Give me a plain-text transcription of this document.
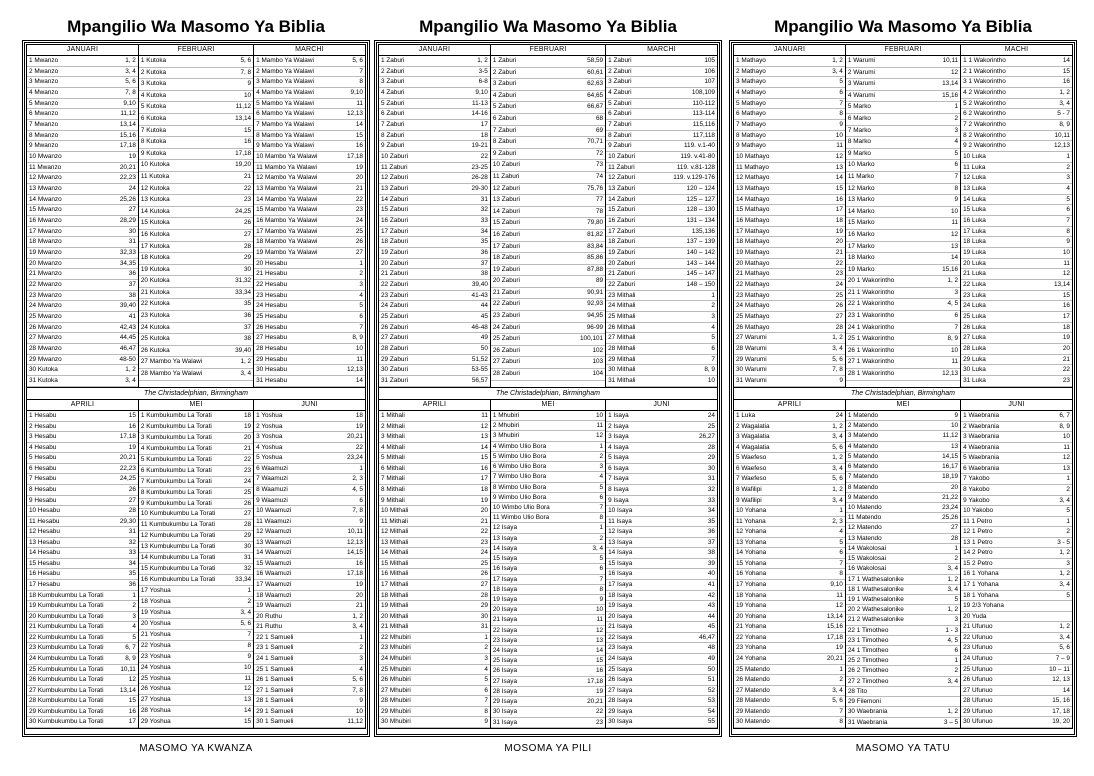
Mpangilio Wa Masomo Ya Biblia
JANUARI
1 Mwanzo	1, 2
2 Mwanzo	3, 4
3 Mwanzo	5, 6
4 Mwanzo	7, 8
5 Mwanzo	9,10
6 Mwanzo	11,12
7 Mwanzo	13,14
8 Mwanzo	15,16
9 Mwanzo	17,18
10 Mwanzo	19
11 Mwanzo	20,21
12 Mwanzo	22,23
13 Mwanzo	24
14 Mwanzo	25,26
15 Mwanzo	27
16 Mwanzo	28,29
17 Mwanzo	30
18 Mwanzo	31
19 Mwanzo	32,33
20 Mwanzo	34,35
21 Mwanzo	36
22 Mwanzo	37
23 Mwanzo	38
24 Mwanzo	39,40
25 Mwanzo	41
26 Mwanzo	42,43
27 Mwanzo	44,45
28 Mwanzo	46,47
29 Mwanzo	48-50
30 Kutoka	1, 2
31 Kutoka	3, 4
FEBRUARI
1 Kutoka	5, 6
2 Kutoka	7, 8
3 Kutoka	9
4 Kutoka	10
5 Kutoka	11,12
6 Kutoka	13,14
7 Kutoka	15
8 Kutoka	16
9 Kutoka	17,18
10 Kutoka	19,20
11 Kutoka	21
12 Kutoka	22
13 Kutoka	23
14 Kutoka	24,25
15 Kutoka	26
16 Kutoka	27
17 Kutoka	28
18 Kutoka	29
19 Kutoka	30
20 Kutoka	31,32
21 Kutoka	33,34
22 Kutoka	35
23 Kutoka	36
24 Kutoka	37
25 Kutoka	38
26 Kutoka	39,40
27 Mambo Ya Walawi	1, 2
28 Mambo Ya Walawi	3, 4
MARCHI
1 Mambo Ya Walawi	5, 6
2 Mambo Ya Walawi	7
3 Mambo Ya Walawi	8
4 Mambo Ya Walawi	9,10
5 Mambo Ya Walawi	11
6 Mambo Ya Walawi	12,13
7 Mambo Ya Walawi	14
8 Mambo Ya Walawi	15
9 Mambo Ya Walawi	16
10 Mambo Ya Walawi	17,18
11 Mambo Ya Walawi	19
12 Mambo Ya Walawi	20
13 Mambo Ya Walawi	21
14 Mambo Ya Walawi	22
15 Mambo Ya Walawi	23
16 Mambo Ya Walawi	24
17 Mambo Ya Walawi	25
18 Mambo Ya Walawi	26
19 Mambo Ya Walawi	27
20 Hesabu	1
21 Hesabu	2
22 Hesabu	3
23 Hesabu	4
24 Hesabu	5
25 Hesabu	6
26 Hesabu	7
27 Hesabu	8, 9
28 Hesabu	10
29 Hesabu	11
30 Hesabu	12,13
31 Hesabu	14
The Christadelphian, Birmingham
APRILI
1 Hesabu	15
2 Hesabu	16
3 Hesabu	17,18
4 Hesabu	19
5 Hesabu	20,21
6 Hesabu	22,23
7 Hesabu	24,25
8 Hesabu	26
9 Hesabu	27
10 Hesabu	28
11 Hesabu	29,30
12 Hesabu	31
13 Hesabu	32
14 Hesabu	33
15 Hesabu	34
16 Hesabu	35
17 Hesabu	36
18 Kumbukumbu La Torati	1
19 Kumbukumbu La Torati	2
20 Kumbukumbu La Torati	3
21 Kumbukumbu La Torati	4
22 Kumbukumbu La Torati	5
23 Kumbukumbu La Torati	6, 7
24 Kumbukumbu La Torati	8, 9
25 Kumbukumbu La Torati	10,11
26 Kumbukumbu La Torati	12
27 Kumbukumbu La Torati	13,14
28 Kumbukumbu La Torati	15
29 Kumbukumbu La Torati	16
30 Kumbukumbu La Torati	17
MEI
1 Kumbukumbu La Torati	18
2 Kumbukumbu La Torati	19
3 Kumbukumbu La Torati	20
4 Kumbukumbu La Torati	21
5 Kumbukumbu La Torati	22
6 Kumbukumbu La Torati	23
7 Kumbukumbu La Torati	24
8 Kumbukumbu La Torati	25
9 Kumbukumbu La Torati	26
10 Kumbukumbu La Torati	27
11 Kumbukumbu La Torati	28
12 Kumbukumbu La Torati	29
13 Kumbukumbu La Torati	30
14 Kumbukumbu La Torati	31
15 Kumbukumbu La Torati	32
16 Kumbukumbu La Torati	33,34
17 Yoshua	1
18 Yoshua	2
19 Yoshua	3, 4
20 Yoshua	5, 6
21 Yoshua	7
22 Yoshua	8
23 Yoshua	9
24 Yoshua	10
25 Yoshua	11
26 Yoshua	12
27 Yoshua	13
28 Yoshua	14
29 Yoshua	15
JUNI
1 Yoshua	18
2 Yoshua	19
3 Yoshua	20,21
4 Yoshua	22
5 Yoshua	23,24
6 Waamuzi	1
7 Waamuzi	2, 3
8 Waamuzi	4, 5
9 Waamuzi	6
10 Waamuzi	7, 8
11 Waamuzi	9
12 Waamuzi	10,11
13 Waamuzi	12,13
14 Waamuzi	14,15
15 Waamuzi	16
16 Waamuzi	17,18
17 Waamuzi	19
18 Waamuzi	20
19 Waamuzi	21
20 Ruthu	1, 2
21 Ruthu	3, 4
22 1 Samueli	1
23 1 Samueli	2
24 1 Samueli	3
25 1 Samueli	4
26 1 Samueli	5, 6
27 1 Samueli	7, 8
28 1 Samueli	9
29 1 Samueli	10
30 1 Samueli	11,12
MASOMO YA KWANZA
Mpangilio Wa Masomo Ya Biblia
JANUARI
1 Zaburi	1, 2
2 Zaburi	3-5
3 Zaburi	6-8
4 Zaburi	9,10
5 Zaburi	11-13
6 Zaburi	14-16
7 Zaburi	17
8 Zaburi	18
9 Zaburi	19-21
10 Zaburi	22
11 Zaburi	23-25
12 Zaburi	26-28
13 Zaburi	29-30
14 Zaburi	31
15 Zaburi	32
16 Zaburi	33
17 Zaburi	34
18 Zaburi	35
19 Zaburi	36
20 Zaburi	37
21 Zaburi	38
22 Zaburi	39,40
23 Zaburi	41-43
24 Zaburi	44
25 Zaburi	45
26 Zaburi	46-48
27 Zaburi	49
28 Zaburi	50
29 Zaburi	51,52
30 Zaburi	53-55
31 Zaburi	56,57
FEBRUARI
1 Zaburi	58,59
2 Zaburi	60,61
3 Zaburi	62,63
4 Zaburi	64,65
5 Zaburi	66,67
6 Zaburi	68
7 Zaburi	69
8 Zaburi	70,71
9 Zaburi	72
10 Zaburi	73
11 Zaburi	74
12 Zaburi	75,76
13 Zaburi	77
14 Zaburi	78
15 Zaburi	79,80
16 Zaburi	81,82
17 Zaburi	83,84
18 Zaburi	85,86
19 Zaburi	87,88
20 Zaburi	89
21 Zaburi	90,91
22 Zaburi	92,93
23 Zaburi	94,95
24 Zaburi	96-99
25 Zaburi	100,101
26 Zaburi	102
27 Zaburi	103
28 Zaburi	104
MARCHI
1 Zaburi	105
2 Zaburi	106
3 Zaburi	107
4 Zaburi	108,109
5 Zaburi	110-112
6 Zaburi	113-114
7 Zaburi	115,116
8 Zaburi	117,118
9 Zaburi	119. v.1-40
10 Zaburi	119. v.41-80
11 Zaburi	119. v.81-128
12 Zaburi	119. v.129-176
13 Zaburi	120 – 124
14 Zaburi	125 – 127
15 Zaburi	128 – 130
16 Zaburi	131 – 134
17 Zaburi	135,136
18 Zaburi	137 – 139
19 Zaburi	140 – 142
20 Zaburi	143 – 144
21 Zaburi	145 – 147
22 Zaburi	148 – 150
23 Mithali	1
24 Mithali	2
25 Mithali	3
26 Mithali	4
27 Mithali	5
28 Mithali	6
29 Mithali	7
30 Mithali	8, 9
31 Mithali	10
The Christadelphian, Birmingham
APRILI
1 Mithali	11
2 Mithali	12
3 Mithali	13
4 Mithali	14
5 Mithali	15
6 Mithali	16
7 Mithali	17
8 Mithali	18
9 Mithali	19
10 Mithali	20
11 Mithali	21
12 Mithali	22
13 Mithali	23
14 Mithali	24
15 Mithali	25
16 Mithali	26
17 Mithali	27
18 Mithali	28
19 Mithali	29
20 Mithali	30
21 Mithali	31
22 Mhubiri	1
23 Mhubiri	2
24 Mhubiri	3
25 Mhubiri	4
26 Mhubiri	5
27 Mhubiri	6
28 Mhubiri	7
29 Mhubiri	8
30 Mhubiri	9
MEI
1 Mhubiri	10
2 Mhubiri	11
3 Mhubiri	12
4 Wimbo Ulio Bora	1
5 Wimbo Ulio Bora	2
6 Wimbo Ulio Bora	3
7 Wimbo Ulio Bora	4
8 Wimbo Ulio Bora	5
9 Wimbo Ulio Bora	6
10 Wimbo Ulio Bora	7
11 Wimbo Ulio Bora	8
12 Isaya	1
13 Isaya	2
14 Isaya	3, 4
15 Isaya	5
16 Isaya	6
17 Isaya	7
18 Isaya	8
19 Isaya	9
20 Isaya	10
21 Isaya	11
22 Isaya	12
23 Isaya	13
24 Isaya	14
25 Isaya	15
26 Isaya	16
27 Isaya	17,18
28 Isaya	19
29 Isaya	20,21
30 Isaya	22
31 Isaya	23
JUNI
1 Isaya	24
2 Isaya	25
3 Isaya	26,27
4 Isaya	28
5 Isaya	29
6 Isaya	30
7 Isaya	31
8 Isaya	32
9 Isaya	33
10 Isaya	34
11 Isaya	35
12 Isaya	36
13 Isaya	37
14 Isaya	38
15 Isaya	39
16 Isaya	40
17 Isaya	41
18 Isaya	42
19 Isaya	43
20 Isaya	44
21 Isaya	45
22 Isaya	46,47
23 Isaya	48
24 Isaya	49
25 Isaya	50
26 Isaya	51
27 Isaya	52
28 Isaya	53
29 Isaya	54
30 Isaya	55
MOSOMA YA PILI
Mpangilio Wa Masomo Ya Biblia
JANUARI
1 Mathayo	1, 2
2 Mathayo	3, 4
3 Mathayo	5
4 Mathayo	6
5 Mathayo	7
6 Mathayo	8
7 Mathayo	9
8 Mathayo	10
9 Mathayo	11
10 Mathayo	12
11 Mathayo	13
12 Mathayo	14
13 Mathayo	15
14 Mathayo	16
15 Mathayo	17
16 Mathayo	18
17 Mathayo	19
18 Mathayo	20
19 Mathayo	21
20 Mathayo	22
21 Mathayo	23
22 Mathayo	24
23 Mathayo	25
24 Mathayo	26
25 Mathayo	27
26 Mathayo	28
27 Warumi	1, 2
28 Warumi	3, 4
29 Warumi	5, 6
30 Warumi	7, 8
31 Warumi	9
FEBRUARI
1 Warumi	10,11
2 Warumi	12
3 Warumi	13,14
4 Warumi	15,16
5 Marko	1
6 Marko	2
7 Marko	3
8 Marko	4
9 Marko	5
10 Marko	6
11 Marko	7
12 Marko	8
13 Marko	9
14 Marko	10
15 Marko	11
16 Marko	12
17 Marko	13
18 Marko	14
19 Marko	15,16
20 1 Wakorintho	1, 2
21 1 Wakorintho	3
22 1 Wakorintho	4, 5
23 1 Wakorintho	6
24 1 Wakorintho	7
25 1 Wakorintho	8, 9
26 1 Wakorintho	10
27 1 Wakorintho	11
28 1 Wakorintho	12,13
MACHI
1 1 Wakorintho	14
2 1 Wakorintho	15
3 1 Wakorintho	16
4 2 Wakorintho	1, 2
5 2 Wakorintho	3, 4
6 2 Wakorintho	5 - 7
7 2 Wakorintho	8, 9
8 2 Wakorintho	10,11
9 2 Wakorintho	12,13
10 Luka	1
11 Luka	2
12 Luka	3
13 Luka	4
14 Luka	5
15 Luka	6
16 Luka	7
17 Luka	8
18 Luka	9
19 Luka	10
20 Luka	11
21 Luka	12
22 Luka	13,14
23 Luka	15
24 Luka	16
25 Luka	17
26 Luka	18
27 Luka	19
28 Luka	20
29 Luka	21
30 Luka	22
31 Luka	23
The Christadelphian, Birmingham
APRILI
1 Luka	24
2 Wagalatia	1, 2
3 Wagalatia	3, 4
4 Wagalatia	5, 6
5 Waefeso	1, 2
6 Waefeso	3, 4
7 Waefeso	5, 6
8 Wafilipi	1, 2
9 Wafilipi	3, 4
10 Yohana	1
11 Yohana	2, 3
12 Yohana	4
13 Yohana	5
14 Yohana	6
15 Yohana	7
16 Yohana	8
17 Yohana	9,10
18 Yohana	11
19 Yohana	12
20 Yohana	13,14
21 Yohana	15,16
22 Yohana	17,18
23 Yohana	19
24 Yohana	20,21
25 Matendo	1
26 Matendo	2
27 Matendo	3, 4
28 Matendo	5, 6
29 Matendo	7
30 Matendo	8
MEI
1 Matendo	9
2 Matendo	10
3 Matendo	11,12
4 Matendo	13
5 Matendo	14,15
6 Matendo	16,17
7 Matendo	18,19
8 Matendo	20
9 Matendo	21,22
10 Matendo	23,24
11 Matendo	25,26
12 Matendo	27
13 Matendo	28
14 Wakolosai	1
15 Wakolosai	2
16 Wakolosai	3, 4
17 1 Wathesalonike	1, 2
18 1 Wathesalonike	3, 4
19 1 Wathesalonike	5
20 2 Wathesalonike	1, 2
21 2 Wathesalonike	3
22 1 Timotheo	1 - 3
23 1 Timotheo	4, 5
24 1 Timotheo	6
25 2 Timotheo	1
26 2 Timotheo	2
27 2 Timotheo	3, 4
28 Tito
29 Filemoni
30 Waebrania	1, 2
31 Waebrania	3 – 5
JUNI
1 Waebrania	6, 7
2 Waebrania	8, 9
3 Waebrania	10
4 Waebrania	11
5 Waebrania	12
6 Waebrania	13
7 Yakobo	1
8 Yakobo	2
9 Yakobo	3, 4
10 Yakobo	5
11 1 Petro	1
12 1 Petro	2
13 1 Petro	3 - 5
14 2 Petro	1, 2
15 2 Petro	3
16 1 Yohana	1, 2
17 1 Yohana	3, 4
18 1 Yohana	5
19 2/3 Yohana
20 Yuda
21 Ufunuo	1, 2
22 Ufunuo	3, 4
23 Ufunuo	5, 6
24 Ufunuo	7 – 9
25 Ufunuo	10 – 11
26 Ufunuo	12, 13
27 Ufunuo	14
28 Ufunuo	15, 16
29 Ufunuo	17, 18
30 Ufunuo	19, 20
MASOMO YA TATU
